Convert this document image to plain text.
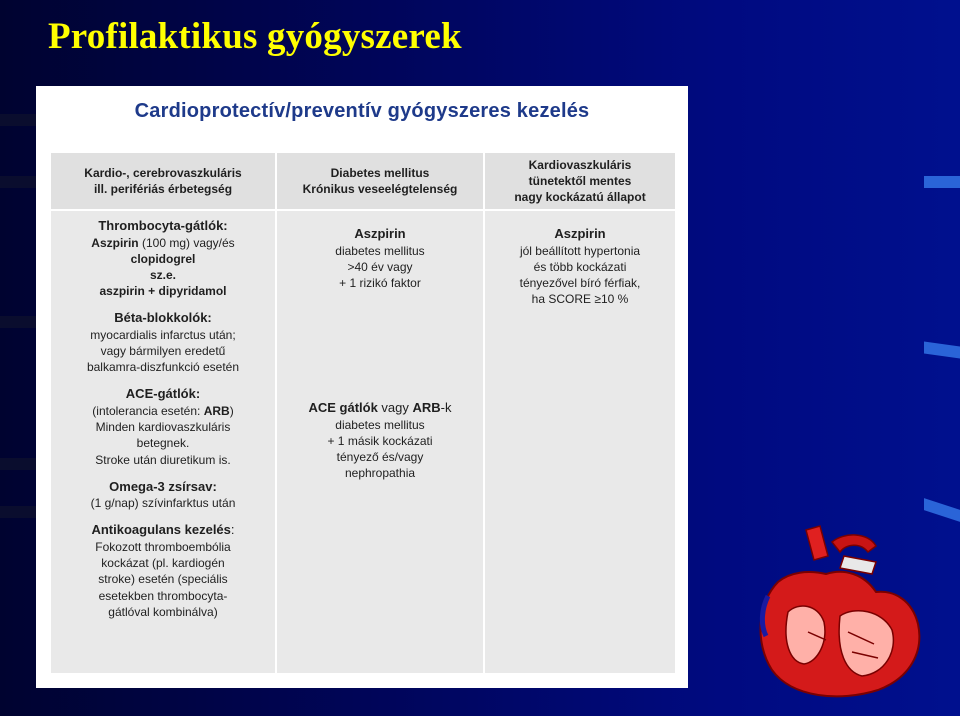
Profilaktikus gyógyszerek
Cardioprotectív/preventív gyógyszeres kezelés
Kardio-, cerebrovaszkuláris
ill. perifériás érbetegség
Diabetes mellitus
Krónikus veseelégtelenség
Kardiovaszkuláris
tünetektől mentes
nagy kockázatú állapot
Thrombocyta-gátlók:
Aszpirin (100 mg) vagy/és
clopidogrel
sz.e.
aszpirin + dipyridamol
Béta-blokkolók:
myocardialis infarctus után;
vagy bármilyen eredetű
balkamra-diszfunkció esetén
ACE-gátlók:
(intolerancia esetén: ARB)
Minden kardiovaszkuláris
betegnek.
Stroke után diuretikum is.
Omega-3 zsírsav:
(1 g/nap) szívinfarktus után
Antikoagulans kezelés:
Fokozott thromboembólia
kockázat (pl. kardiogén
stroke) esetén (speciális
esetekben thrombocyta-
gátlóval kombinálva)
Aszpirin
diabetes mellitus
>40 év vagy
+ 1 rizikó faktor
ACE gátlók vagy ARB-k
diabetes mellitus
+ 1 másik kockázati
tényező és/vagy
nephropathia
Aszpirin
jól beállított hypertonia
és több kockázati
tényezővel bíró férfiak,
ha SCORE ≥10 %
